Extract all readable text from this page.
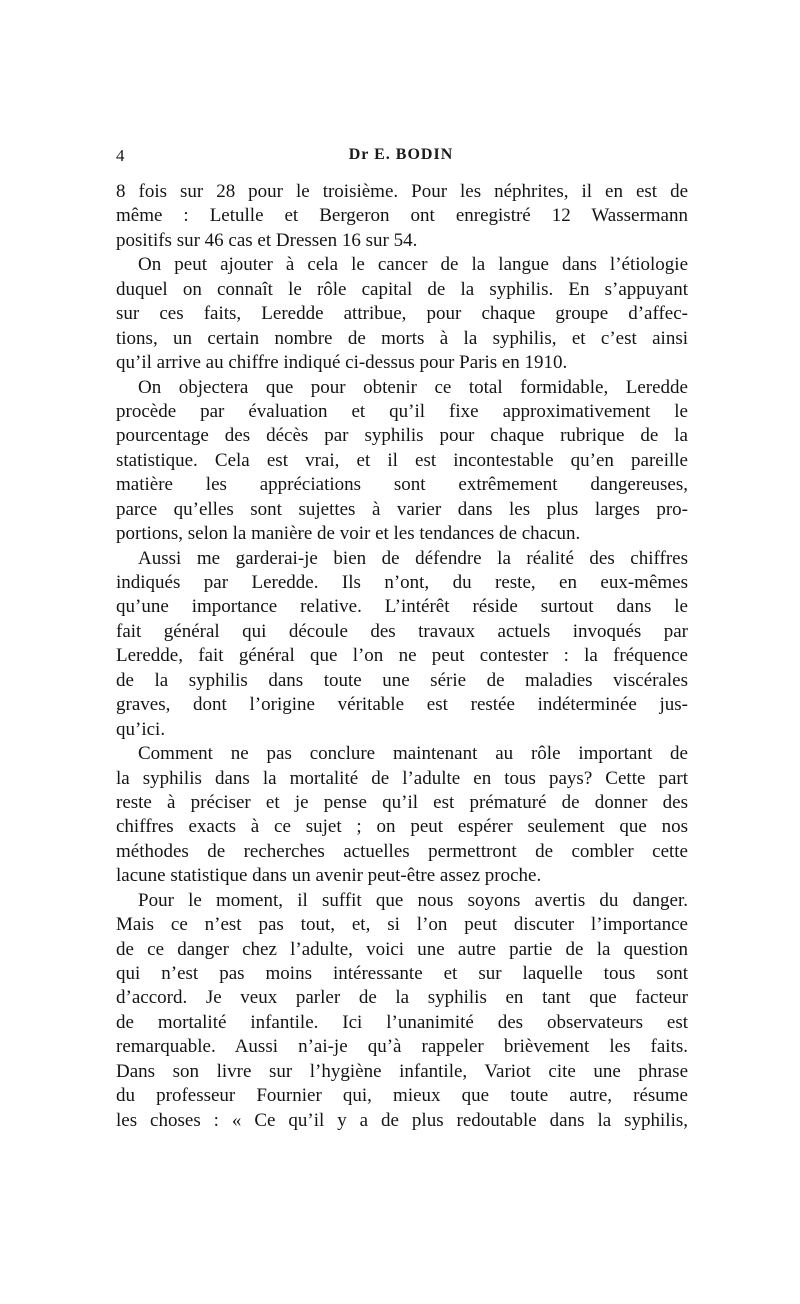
4	Dr E. BODIN
8 fois sur 28 pour le troisième. Pour les néphrites, il en est de
même : Letulle et Bergeron ont enregistré 12 Wassermann
positifs sur 46 cas et Dressen 16 sur 54.
On peut ajouter à cela le cancer de la langue dans l’étiologie
duquel on connaît le rôle capital de la syphilis. En s’appuyant
sur ces faits, Leredde attribue, pour chaque groupe d’affec-
tions, un certain nombre de morts à la syphilis, et c’est ainsi
qu’il arrive au chiffre indiqué ci-dessus pour Paris en 1910.
On objectera que pour obtenir ce total formidable, Leredde
procède par évaluation et qu’il fixe approximativement le
pourcentage des décès par syphilis pour chaque rubrique de la
statistique. Cela est vrai, et il est incontestable qu’en pareille
matière les appréciations sont extrêmement dangereuses,
parce qu’elles sont sujettes à varier dans les plus larges pro-
portions, selon la manière de voir et les tendances de chacun.
Aussi me garderai-je bien de défendre la réalité des chiffres
indiqués par Leredde. Ils n’ont, du reste, en eux-mêmes
qu’une importance relative. L’intérêt réside surtout dans le
fait général qui découle des travaux actuels invoqués par
Leredde, fait général que l’on ne peut contester : la fréquence
de la syphilis dans toute une série de maladies viscérales
graves, dont l’origine véritable est restée indéterminée jus-
qu’ici.
Comment ne pas conclure maintenant au rôle important de
la syphilis dans la mortalité de l’adulte en tous pays? Cette part
reste à préciser et je pense qu’il est prématuré de donner des
chiffres exacts à ce sujet ; on peut espérer seulement que nos
méthodes de recherches actuelles permettront de combler cette
lacune statistique dans un avenir peut-être assez proche.
Pour le moment, il suffit que nous soyons avertis du danger.
Mais ce n’est pas tout, et, si l’on peut discuter l’importance
de ce danger chez l’adulte, voici une autre partie de la question
qui n’est pas moins intéressante et sur laquelle tous sont
d’accord. Je veux parler de la syphilis en tant que facteur
de mortalité infantile. Ici l’unanimité des observateurs est
remarquable. Aussi n’ai-je qu’à rappeler brièvement les faits.
Dans son livre sur l’hygiène infantile, Variot cite une phrase
du professeur Fournier qui, mieux que toute autre, résume
les choses : « Ce qu’il y a de plus redoutable dans la syphilis,
